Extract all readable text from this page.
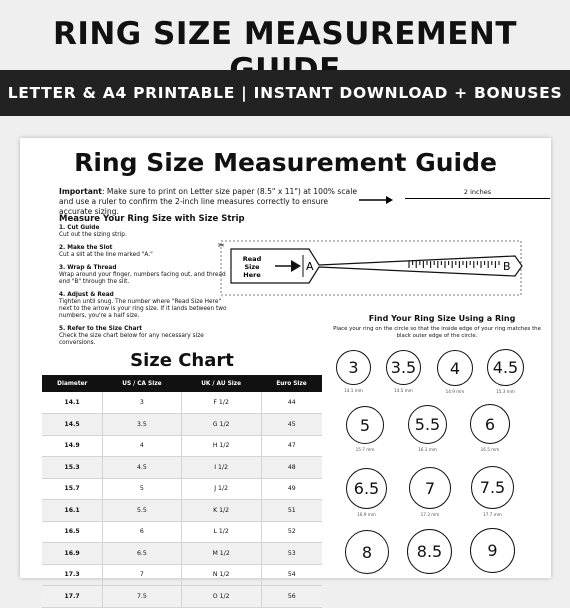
RING SIZE MEASUREMENT
LETTER & A4 PRINTABLE | INSTANT DOWNLOAD + BONUSES
Ring Size Measurement Guide
Important: Make sure to print on Letter size paper (8.5" x 11") at 100% scale and use a ruler to confirm the 2-inch line measures correctly to ensure accurate sizing.
2 inches
Measure Your Ring Size with Size Strip
1. Cut Guide
Cut out the sizing strip.
2. Make the Slot
Cut a slit at the line marked "A."
3. Wrap & Thread
Wrap around your finger, numbers facing out, and thread end "B" through the slit.
4. Adjust & Read
Tighten until snug. The number where "Read Size Here" next to the arrow is your ring size. If it lands between two numbers, you're a half size.
5. Refer to the Size Chart
Check the size chart below for any necessary size conversions.
✂
Read
Size
Here
A	B
Size Chart
Diameter	US / CA Size	UK / AU Size	Euro Size
14.1	3	F 1/2	44
14.5	3.5	G 1/2	45
14.9	4	H 1/2	47
15.3	4.5	I 1/2	48
15.7	5	J 1/2	49
16.1	5.5	K 1/2	51
16.5	6	L 1/2	52
16.9	6.5	M 1/2	53
17.3	7	N 1/2	54
17.7	7.5	O 1/2	56
Find Your Ring Size Using a Ring
Place your ring on the circle so that the inside edge of your ring matches the black outer edge of the circle.
3
14.1 mm
3.5
14.5 mm
4
14.9 mm
4.5
15.3 mm
5
15.7 mm
5.5
16.1 mm
6
16.5 mm
6.5
16.9 mm
7
17.3 mm
7.5
17.7 mm
8	8.5	9
